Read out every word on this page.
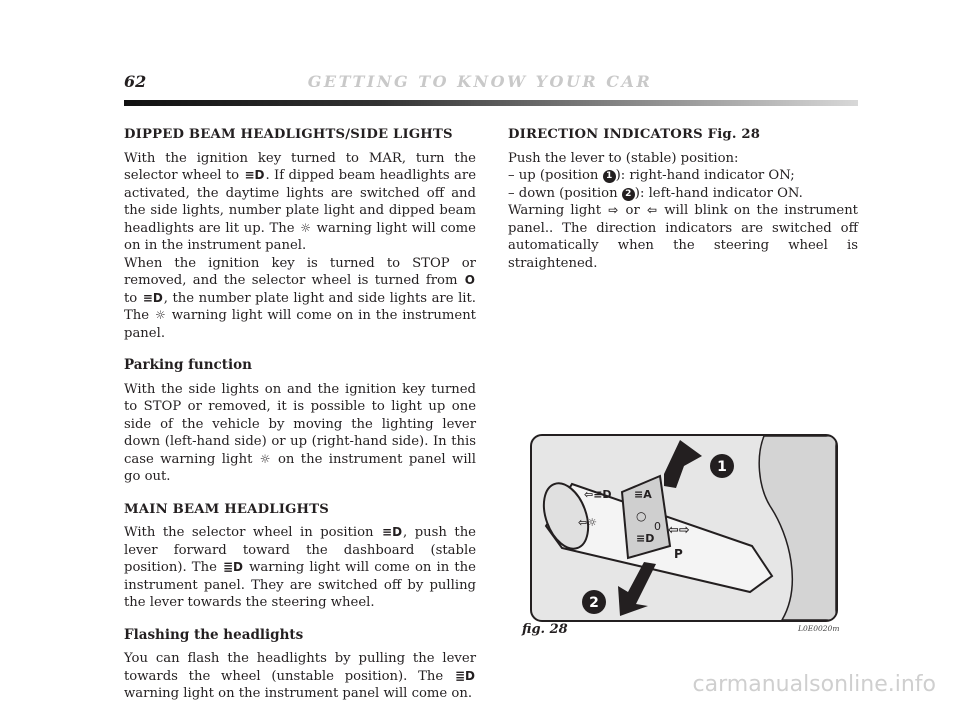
62	GETTING TO KNOW YOUR CAR
DIPPED BEAM HEADLIGHTS/SIDE LIGHTS

With the ignition key turned to MAR, turn the selector wheel to ≡D. If dipped beam headlights are activated, the daytime lights are switched off and the side lights, number plate light and dipped beam headlights are lit up. The ☼ warning light will come on in the instrument panel.

When the ignition key is turned to STOP or removed, and the selector wheel is turned from O to ≡D, the number plate light and side lights are lit. The ☼ warning light will come on in the instrument panel.

Parking function

With the side lights on and the ignition key turned to STOP or removed, it is possible to light up one side of the vehicle by moving the lighting lever down (left-hand side) or up (right-hand side). In this case warning light ☼ on the instrument panel will go out.

MAIN BEAM HEADLIGHTS

With the selector wheel in position ≡D, push the lever forward toward the dashboard (stable position). The ≣D warning light will come on in the instrument panel. They are switched off by pulling the lever towards the steering wheel.

Flashing the headlights

You can flash the headlights by pulling the lever towards the wheel (unstable position). The ≣D warning light on the instrument panel will come on.

DIRECTION INDICATORS Fig. 28

Push the lever to (stable) position:

– up (position 1 ): right-hand indicator ON;

– down (position 2 ): left-hand indicator ON.

Warning light ⇨ or ⇦ will blink on the instrument panel.. The direction indicators are switched off automatically when the steering wheel is straightened.

⇦≡D
⇦☼
≡A
○
≡D
0 ⇦⇨
P
1
2
fig. 28	L0E0020m
carmanualsonline.info
